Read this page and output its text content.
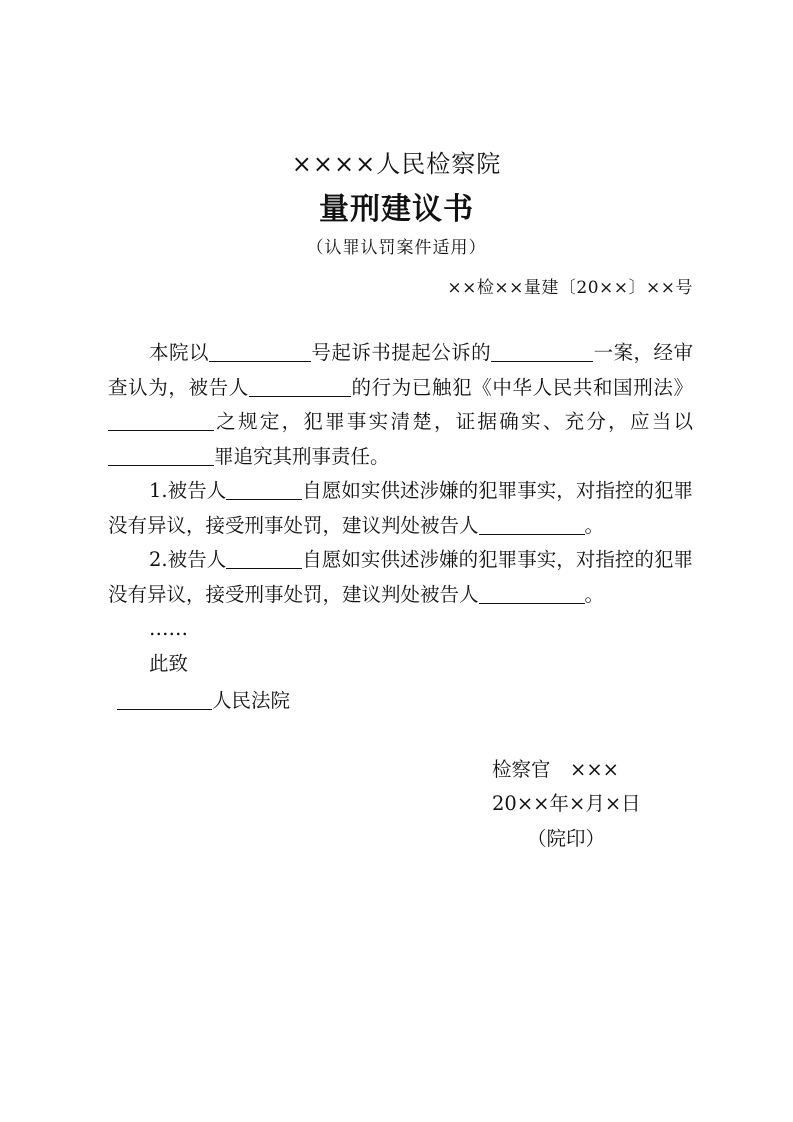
××××人民检察院
量刑建议书
（认罪认罚案件适用）
××检××量建〔20××〕××号

本院以	号起诉书提起公诉的	一案，经审查认为，被告人	的行为已触犯《中华人民共和国刑法》之规定，犯罪事实清楚，证据确实、充分，应当以罪追究其刑事责任。

1.被告人	自愿如实供述涉嫌的犯罪事实，对指控的犯罪没有异议，接受刑事处罚，建议判处被告人	。

2.被告人	自愿如实供述涉嫌的犯罪事实，对指控的犯罪没有异议，接受刑事处罚，建议判处被告人	。

……

此致

人民法院
检察官　×××
20××年×月×日
（院印）
